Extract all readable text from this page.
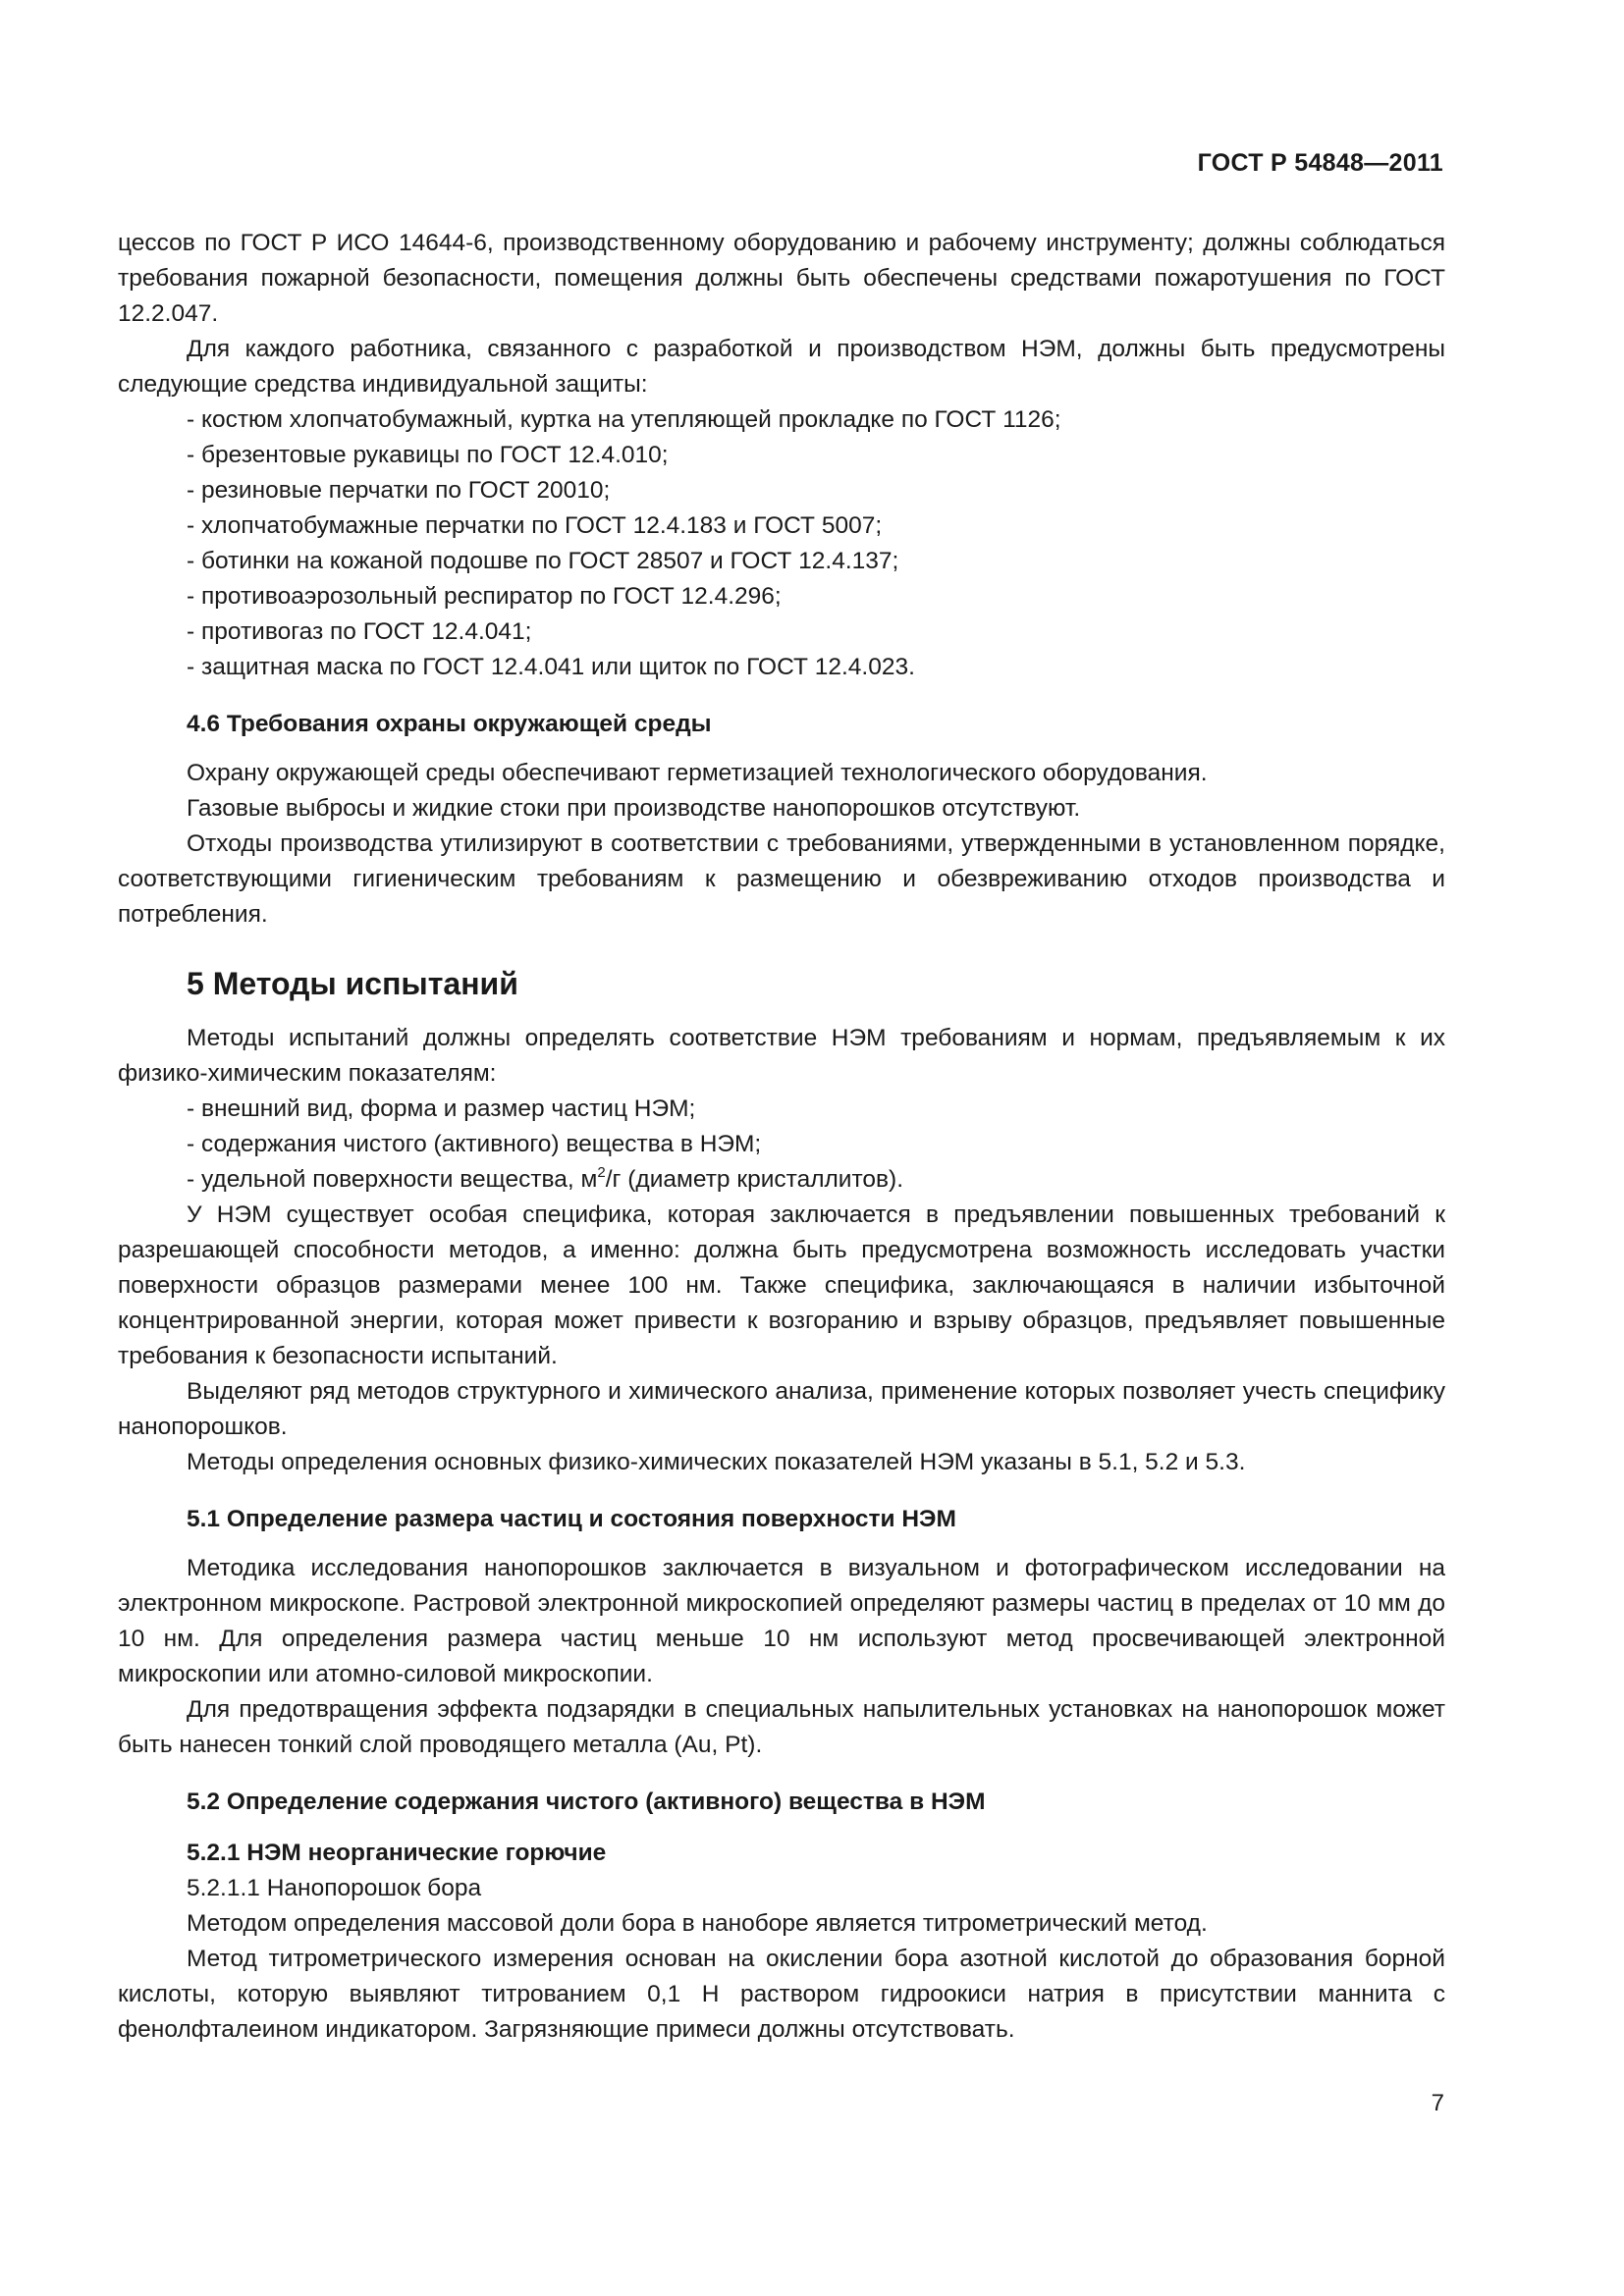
ГОСТ Р 54848—2011

цессов по ГОСТ Р ИСО 14644-6, производственному оборудованию и рабочему инструменту; должны соблюдаться требования пожарной безопасности, помещения должны быть обеспечены средствами пожаротушения по ГОСТ 12.2.047.

Для каждого работника, связанного с разработкой и производством НЭМ, должны быть предусмотрены следующие средства индивидуальной защиты:

- костюм хлопчатобумажный, куртка на утепляющей прокладке по ГОСТ 1126;

- брезентовые рукавицы по ГОСТ 12.4.010;

- резиновые перчатки по ГОСТ 20010;

- хлопчатобумажные перчатки по ГОСТ 12.4.183 и ГОСТ 5007;

- ботинки на кожаной подошве по ГОСТ 28507 и ГОСТ 12.4.137;

- противоаэрозольный респиратор по ГОСТ 12.4.296;

- противогаз по ГОСТ 12.4.041;

- защитная маска по ГОСТ 12.4.041 или щиток по ГОСТ 12.4.023.

4.6 Требования охраны окружающей среды

Охрану окружающей среды обеспечивают герметизацией технологического оборудования.

Газовые выбросы и жидкие стоки при производстве нанопорошков отсутствуют.

Отходы производства утилизируют в соответствии с требованиями, утвержденными в установленном порядке, соответствующими гигиеническим требованиям к размещению и обезвреживанию отходов производства и потребления.

5 Методы испытаний

Методы испытаний должны определять соответствие НЭМ требованиям и нормам, предъявляемым к их физико-химическим показателям:

- внешний вид, форма и размер частиц НЭМ;

- содержания чистого (активного) вещества в НЭМ;

- удельной поверхности вещества, $м^2/г$ (диаметр кристаллитов).

У НЭМ существует особая специфика, которая заключается в предъявлении повышенных требований к разрешающей способности методов, а именно: должна быть предусмотрена возможность исследовать участки поверхности образцов размерами менее 100 нм. Также специфика, заключающаяся в наличии избыточной концентрированной энергии, которая может привести к возгоранию и взрыву образцов, предъявляет повышенные требования к безопасности испытаний.

Выделяют ряд методов структурного и химического анализа, применение которых позволяет учесть специфику нанопорошков.

Методы определения основных физико-химических показателей НЭМ указаны в 5.1, 5.2 и 5.3.

5.1 Определение размера частиц и состояния поверхности НЭМ

Методика исследования нанопорошков заключается в визуальном и фотографическом исследовании на электронном микроскопе. Растровой электронной микроскопией определяют размеры частиц в пределах от 10 мм до 10 нм. Для определения размера частиц меньше 10 нм используют метод просвечивающей электронной микроскопии или атомно-силовой микроскопии.

Для предотвращения эффекта подзарядки в специальных напылительных установках на нанопорошок может быть нанесен тонкий слой проводящего металла (Au, Pt).

5.2 Определение содержания чистого (активного) вещества в НЭМ

5.2.1 НЭМ неорганические горючие

5.2.1.1 Нанопорошок бора

Методом определения массовой доли бора в наноборе является титрометрический метод.

Метод титрометрического измерения основан на окислении бора азотной кислотой до образования борной кислоты, которую выявляют титрованием 0,1 Н раствором гидроокиси натрия в присутствии маннита с фенолфталеином индикатором. Загрязняющие примеси должны отсутствовать.

7
